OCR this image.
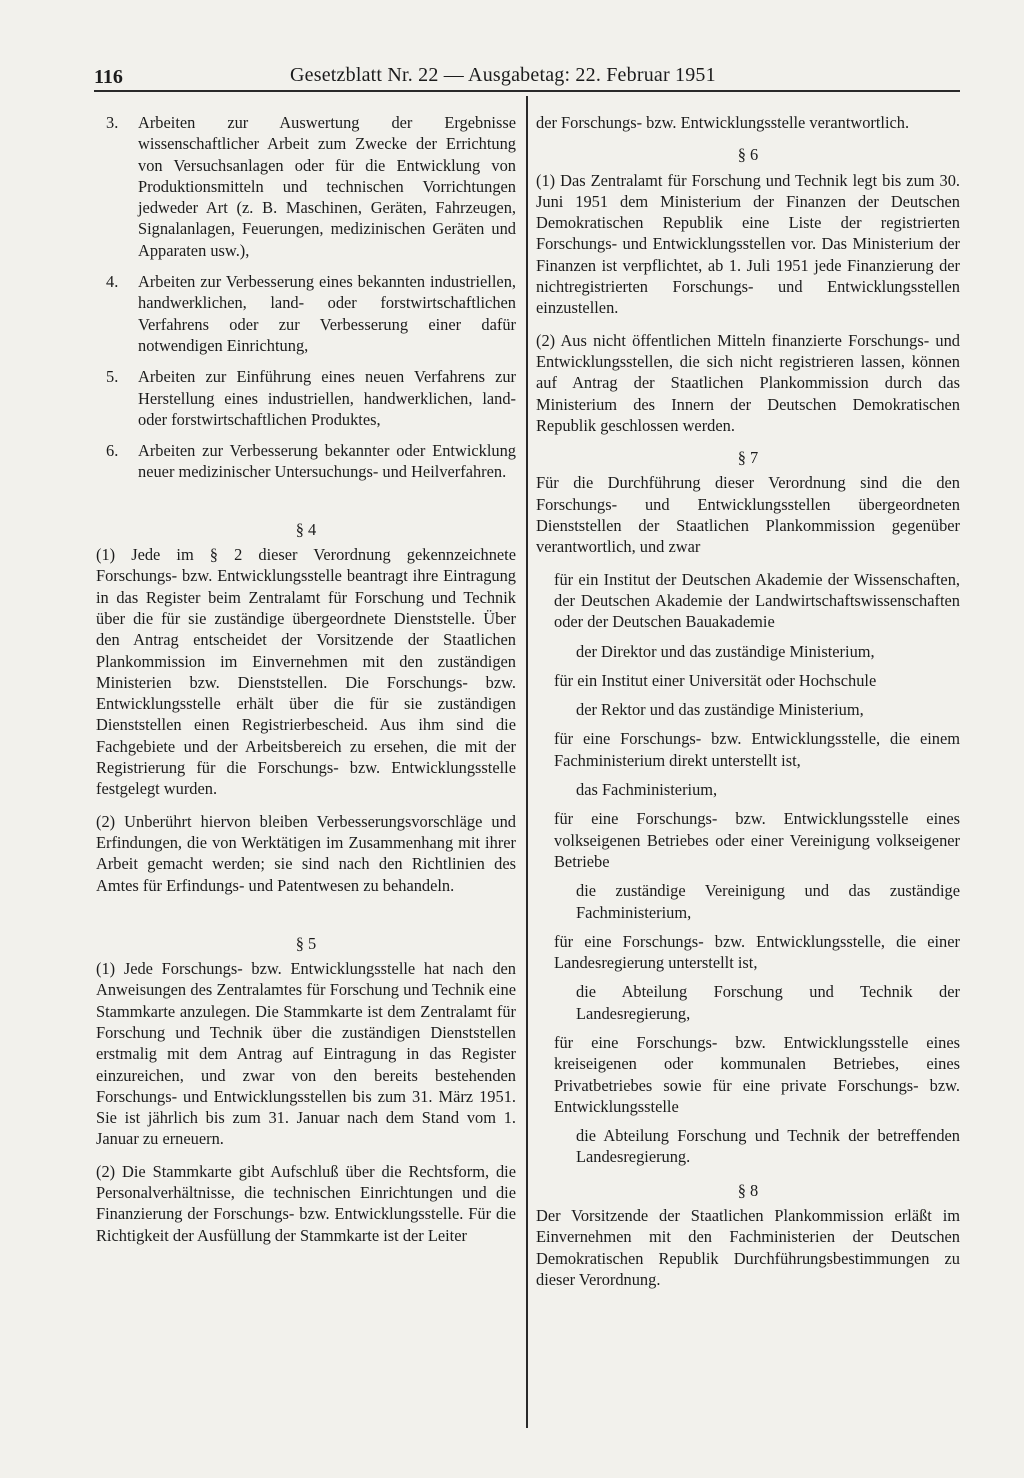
116	Gesetzblatt Nr. 22 — Ausgabetag: 22. Februar 1951
3. Arbeiten zur Auswertung der Ergebnisse wissenschaftlicher Arbeit zum Zwecke der Errichtung von Versuchsanlagen oder für die Entwicklung von Produktionsmitteln und technischen Vorrichtungen jedweder Art (z. B. Maschinen, Geräten, Fahrzeugen, Signalanlagen, Feuerungen, medizinischen Geräten und Apparaten usw.),
4. Arbeiten zur Verbesserung eines bekannten industriellen, handwerklichen, land- oder forstwirtschaftlichen Verfahrens oder zur Verbesserung einer dafür notwendigen Einrichtung,
5. Arbeiten zur Einführung eines neuen Verfahrens zur Herstellung eines industriellen, handwerklichen, land- oder forstwirtschaftlichen Produktes,
6. Arbeiten zur Verbesserung bekannter oder Entwicklung neuer medizinischer Untersuchungs- und Heilverfahren.

§ 4

(1) Jede im § 2 dieser Verordnung gekennzeichnete Forschungs- bzw. Entwicklungsstelle beantragt ihre Eintragung in das Register beim Zentralamt für Forschung und Technik über die für sie zuständige übergeordnete Dienststelle. Über den Antrag entscheidet der Vorsitzende der Staatlichen Plankommission im Einvernehmen mit den zuständigen Ministerien bzw. Dienststellen. Die Forschungs- bzw. Entwicklungsstelle erhält über die für sie zuständigen Dienststellen einen Registrierbescheid. Aus ihm sind die Fachgebiete und der Arbeitsbereich zu ersehen, die mit der Registrierung für die Forschungs- bzw. Entwicklungsstelle festgelegt wurden.

(2) Unberührt hiervon bleiben Verbesserungsvorschläge und Erfindungen, die von Werktätigen im Zusammenhang mit ihrer Arbeit gemacht werden; sie sind nach den Richtlinien des Amtes für Erfindungs- und Patentwesen zu behandeln.

§ 5

(1) Jede Forschungs- bzw. Entwicklungsstelle hat nach den Anweisungen des Zentralamtes für Forschung und Technik eine Stammkarte anzulegen. Die Stammkarte ist dem Zentralamt für Forschung und Technik über die zuständigen Dienststellen erstmalig mit dem Antrag auf Eintragung in das Register einzureichen, und zwar von den bereits bestehenden Forschungs- und Entwicklungsstellen bis zum 31. März 1951. Sie ist jährlich bis zum 31. Januar nach dem Stand vom 1. Januar zu erneuern.

(2) Die Stammkarte gibt Aufschluß über die Rechtsform, die Personalverhältnisse, die technischen Einrichtungen und die Finanzierung der Forschungs- bzw. Entwicklungsstelle. Für die Richtigkeit der Ausfüllung der Stammkarte ist der Leiter

der Forschungs- bzw. Entwicklungsstelle verantwortlich.

§ 6

(1) Das Zentralamt für Forschung und Technik legt bis zum 30. Juni 1951 dem Ministerium der Finanzen der Deutschen Demokratischen Republik eine Liste der registrierten Forschungs- und Entwicklungsstellen vor. Das Ministerium der Finanzen ist verpflichtet, ab 1. Juli 1951 jede Finanzierung der nichtregistrierten Forschungs- und Entwicklungsstellen einzustellen.

(2) Aus nicht öffentlichen Mitteln finanzierte Forschungs- und Entwicklungsstellen, die sich nicht registrieren lassen, können auf Antrag der Staatlichen Plankommission durch das Ministerium des Innern der Deutschen Demokratischen Republik geschlossen werden.

§ 7

Für die Durchführung dieser Verordnung sind die den Forschungs- und Entwicklungsstellen übergeordneten Dienststellen der Staatlichen Plankommission gegenüber verantwortlich, und zwar

für ein Institut der Deutschen Akademie der Wissenschaften, der Deutschen Akademie der Landwirtschaftswissenschaften oder der Deutschen Bauakademie

der Direktor und das zuständige Ministerium,

für ein Institut einer Universität oder Hochschule

der Rektor und das zuständige Ministerium,

für eine Forschungs- bzw. Entwicklungsstelle, die einem Fachministerium direkt unterstellt ist,

das Fachministerium,

für eine Forschungs- bzw. Entwicklungsstelle eines volkseigenen Betriebes oder einer Vereinigung volkseigener Betriebe

die zuständige Vereinigung und das zuständige Fachministerium,

für eine Forschungs- bzw. Entwicklungsstelle, die einer Landesregierung unterstellt ist,

die Abteilung Forschung und Technik der Landesregierung,

für eine Forschungs- bzw. Entwicklungsstelle eines kreiseigenen oder kommunalen Betriebes, eines Privatbetriebes sowie für eine private Forschungs- bzw. Entwicklungsstelle

die Abteilung Forschung und Technik der betreffenden Landesregierung.

§ 8

Der Vorsitzende der Staatlichen Plankommission erläßt im Einvernehmen mit den Fachministerien der Deutschen Demokratischen Republik Durchführungsbestimmungen zu dieser Verordnung.
